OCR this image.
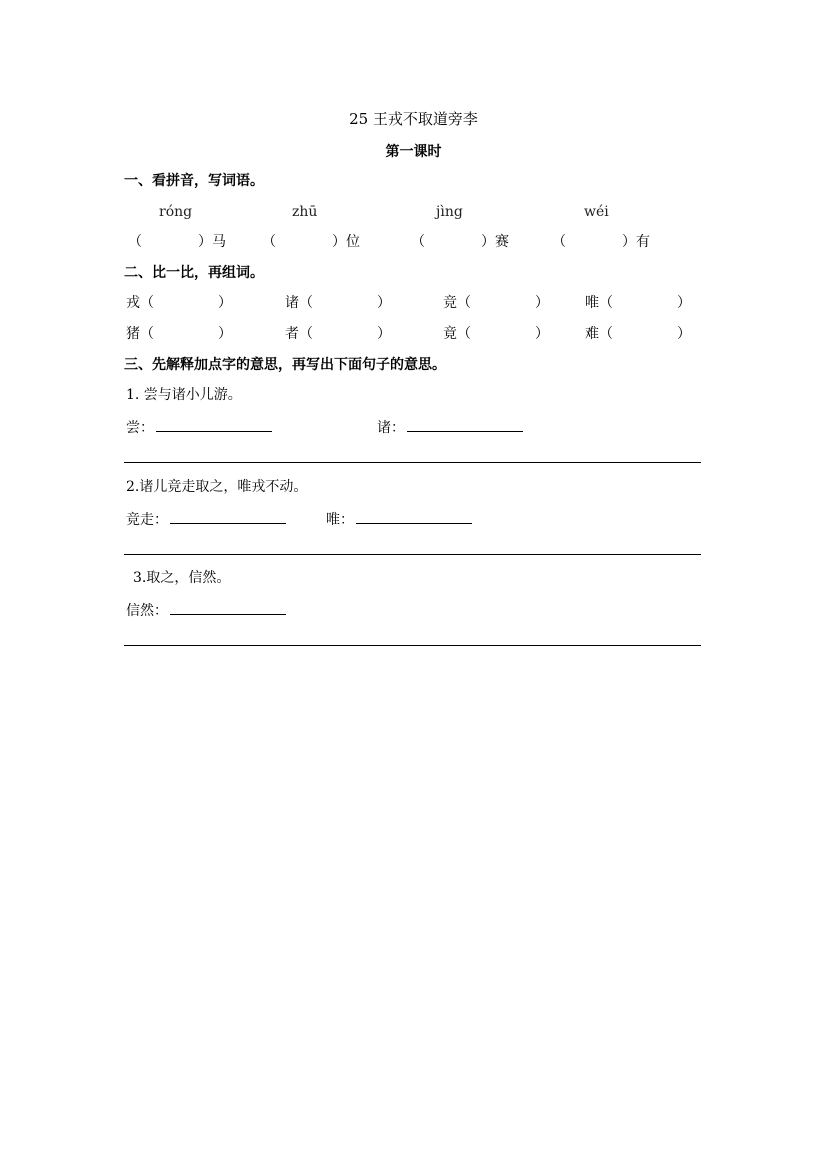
25 王戎不取道旁李
第一课时
一、看拼音，写词语。
róng	zhū	jìng	wéi
（	）马	（	）位	（	）赛	（	）有
二、比一比，再组词。
戎（	）	诸（	）	竞（	）	唯（	）
猪（	）	者（	）	竟（	）	难（	）
三、先解释加点字的意思，再写出下面句子的意思。
1. 尝与诸小儿游。
尝：	诸：
2.诸儿竞走取之，唯戎不动。
竞走：	唯：
3.取之，信然。
信然：
